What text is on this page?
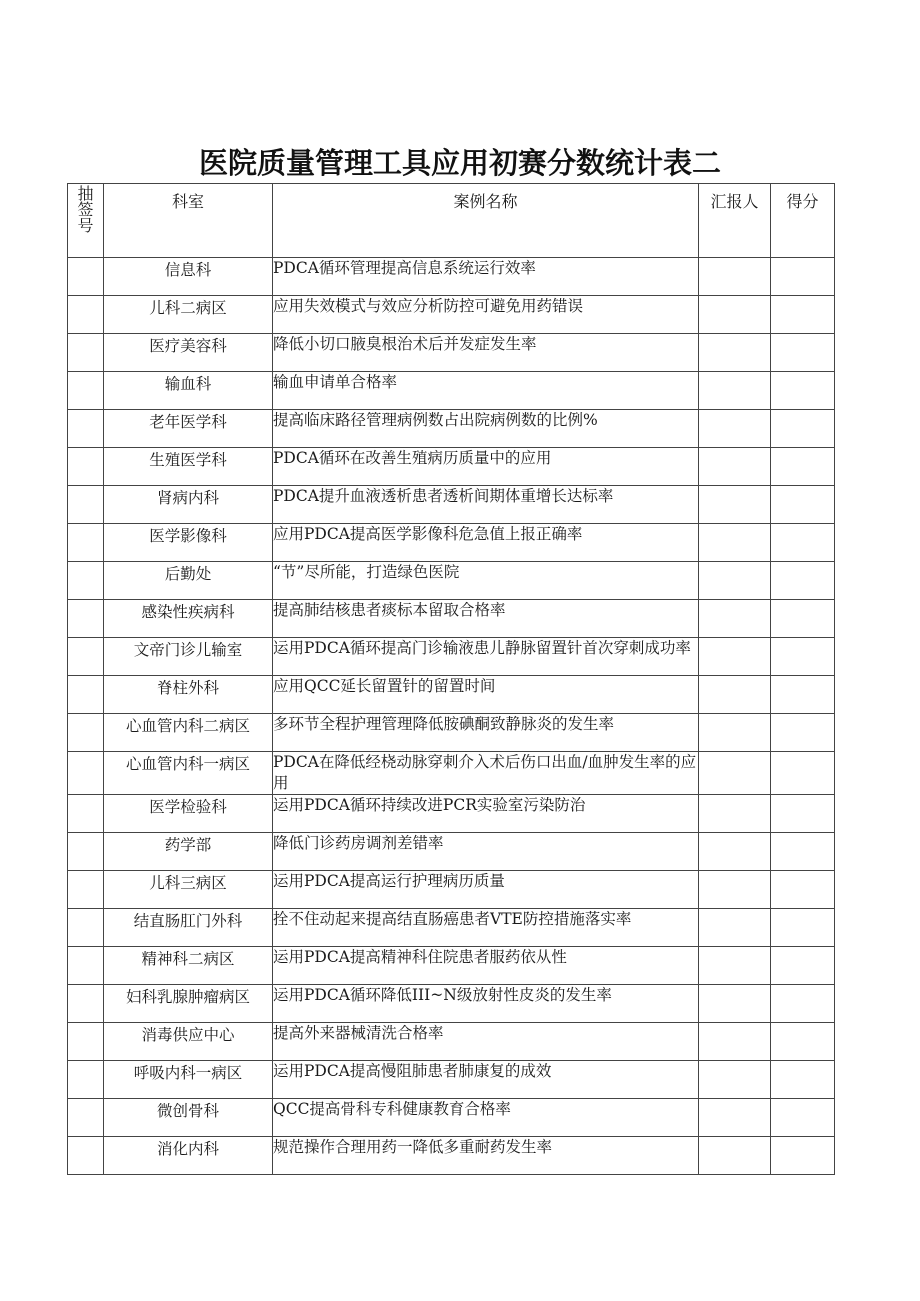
医院质量管理工具应用初赛分数统计表二
抽签号	科室	案例名称	汇报人	得分

	信息科	PDCA循环管理提高信息系统运行效率		
	儿科二病区	应用失效模式与效应分析防控可避免用药错误		
	医疗美容科	降低小切口腋臭根治术后并发症发生率		
	输血科	输血申请单合格率		
	老年医学科	提高临床路径管理病例数占出院病例数的比例%		
	生殖医学科	PDCA循环在改善生殖病历质量中的应用		
	肾病内科	PDCA提升血液透析患者透析间期体重增长达标率		
	医学影像科	应用PDCA提高医学影像科危急值上报正确率		
	后勤处	“节”尽所能，打造绿色医院		
	感染性疾病科	提高肺结核患者痰标本留取合格率		
	文帝门诊儿输室	运用PDCA循环提高门诊输液患儿静脉留置针首次穿刺成功率		
	脊柱外科	应用QCC延长留置针的留置时间		
	心血管内科二病区	多环节全程护理管理降低胺碘酮致静脉炎的发生率		
	心血管内科一病区	PDCA在降低经桡动脉穿刺介入术后伤口出血/血肿发生率的应用		
	医学检验科	运用PDCA循环持续改进PCR实验室污染防治		
	药学部	降低门诊药房调剂差错率		
	儿科三病区	运用PDCA提高运行护理病历质量		
	结直肠肛门外科	拴不住动起来提高结直肠癌患者VTE防控措施落实率		
	精神科二病区	运用PDCA提高精神科住院患者服药依从性		
	妇科乳腺肿瘤病区	运用PDCA循环降低III~N级放射性皮炎的发生率		
	消毒供应中心	提高外来器械清洗合格率		
	呼吸内科一病区	运用PDCA提高慢阻肺患者肺康复的成效		
	微创骨科	QCC提高骨科专科健康教育合格率		
	消化内科	规范操作合理用药一降低多重耐药发生率		
